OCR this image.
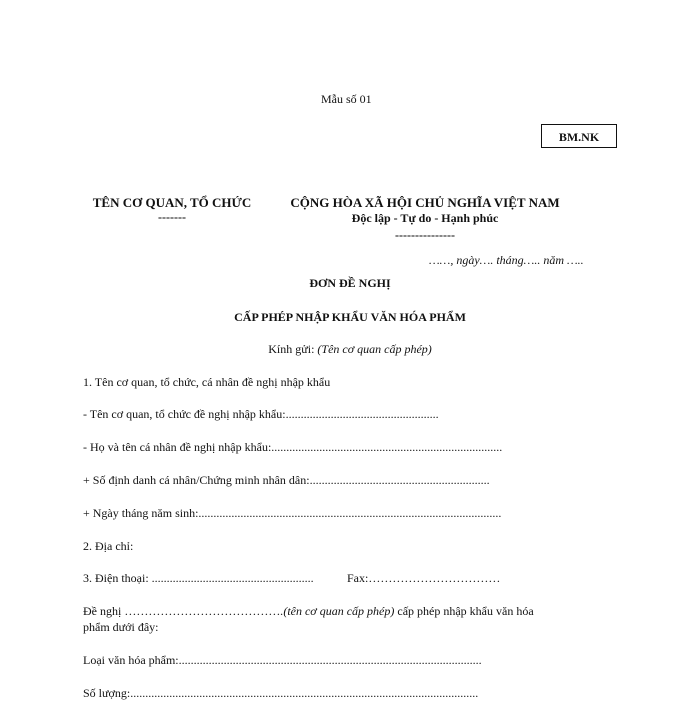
Mẫu số 01
BM.NK
TÊN CƠ QUAN, TỔ CHỨC
-------
CỘNG HÒA XÃ HỘI CHỦ NGHĨA VIỆT NAM
Độc lập - Tự do - Hạnh phúc
---------------
……, ngày…. tháng….. năm …..
ĐƠN ĐỀ NGHỊ
CẤP PHÉP NHẬP KHẨU VĂN HÓA PHẨM
Kính gửi: (Tên cơ quan cấp phép)
1. Tên cơ quan, tổ chức, cá nhân đề nghị nhập khẩu
- Tên cơ quan, tổ chức đề nghị nhập khẩu:...................................................
- Họ và tên cá nhân đề nghị nhập khẩu:.............................................................................
+ Số định danh cá nhân/Chứng minh nhân dân:............................................................
+ Ngày tháng năm sinh:.....................................................................................................
2. Địa chỉ:
3. Điện thoại: ......................................................	Fax:……………………………
Đề nghị ………………………………….(tên cơ quan cấp phép) cấp phép nhập khẩu văn hóa
phẩm dưới đây:
Loại văn hóa phẩm:.....................................................................................................
Số lượng:....................................................................................................................
